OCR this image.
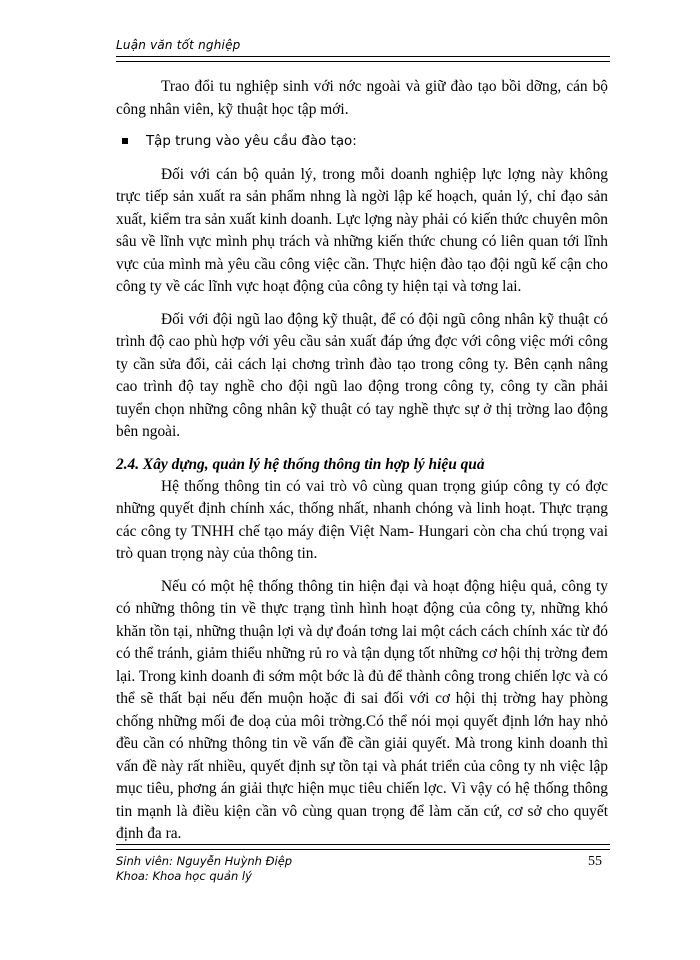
Luận văn tốt nghiệp

Trao đổi tu nghiệp sinh với nớc ngoài và giữ đào tạo bồi dỡng, cán bộ công nhân viên, kỹ thuật học tập mới.

Tập trung vào yêu cầu đào tạo:

Đối với cán bộ quản lý, trong mỗi doanh nghiệp lực lợng này không trực tiếp sản xuất ra sản phẩm nhng là ngời lập kế hoạch, quản lý, chỉ đạo sản xuất, kiểm tra sản xuất kinh doanh. Lực lợng này phải có kiến thức chuyên môn sâu về lĩnh vực mình phụ trách và những kiến thức chung có liên quan tới lĩnh vực của mình mà yêu cầu công việc cần. Thực hiện đào tạo đội ngũ kế cận cho công ty về các lĩnh vực hoạt động của công ty hiện tại và tơng lai.

Đối với đội ngũ lao động kỹ thuật, để có đội ngũ công nhân kỹ thuật có trình độ cao phù hợp với yêu cầu sản xuất đáp ứng đợc với công việc mới công ty cần sửa đổi, cải cách lại chơng trình đào tạo trong công ty. Bên cạnh nâng cao trình độ tay nghề cho đội ngũ lao động trong công ty, công ty cần phải tuyển chọn những công nhân kỹ thuật có tay nghề thực sự ở thị trờng lao động bên ngoài.

2.4. Xây dựng, quản lý hệ thống thông tin hợp lý hiệu quả

Hệ thống thông tin có vai trò vô cùng quan trọng giúp công ty có đợc những quyết định chính xác, thống nhất, nhanh chóng và linh hoạt. Thực trạng các công ty TNHH chế tạo máy điện Việt Nam- Hungari còn cha chú trọng vai trò quan trọng này của thông tin.

Nếu có một hệ thống thông tin hiện đại và hoạt động hiệu quả, công ty có những thông tin về thực trạng tình hình hoạt động của công ty, những khó khăn tồn tại, những thuận lợi và dự đoán tơng lai một cách cách chính xác từ đó có thể tránh, giảm thiểu những rủ ro và tận dụng tốt những cơ hội thị trờng đem lại. Trong kinh doanh đi sớm một bớc là đủ để thành công trong chiến lợc và có thể sẽ thất bại nếu đến muộn hoặc đi sai đối với cơ hội thị trờng hay phòng chống những mối đe doạ của môi trờng.Có thể nói mọi quyết định lớn hay nhỏ đều cần có những thông tin về vấn đề cần giải quyết. Mà trong kinh doanh thì vấn đề này rất nhiều, quyết định sự tồn tại và phát triển của công ty nh việc lập mục tiêu, phơng án giải thực hiện mục tiêu chiến lợc. Vì vậy có hệ thống thông tin mạnh là điều kiện cần vô cùng quan trọng để làm căn cứ, cơ sở cho quyết định đa ra.

Sinh viên: Nguyễn Huỳnh Điệp
Khoa: Khoa học quản lý
55
